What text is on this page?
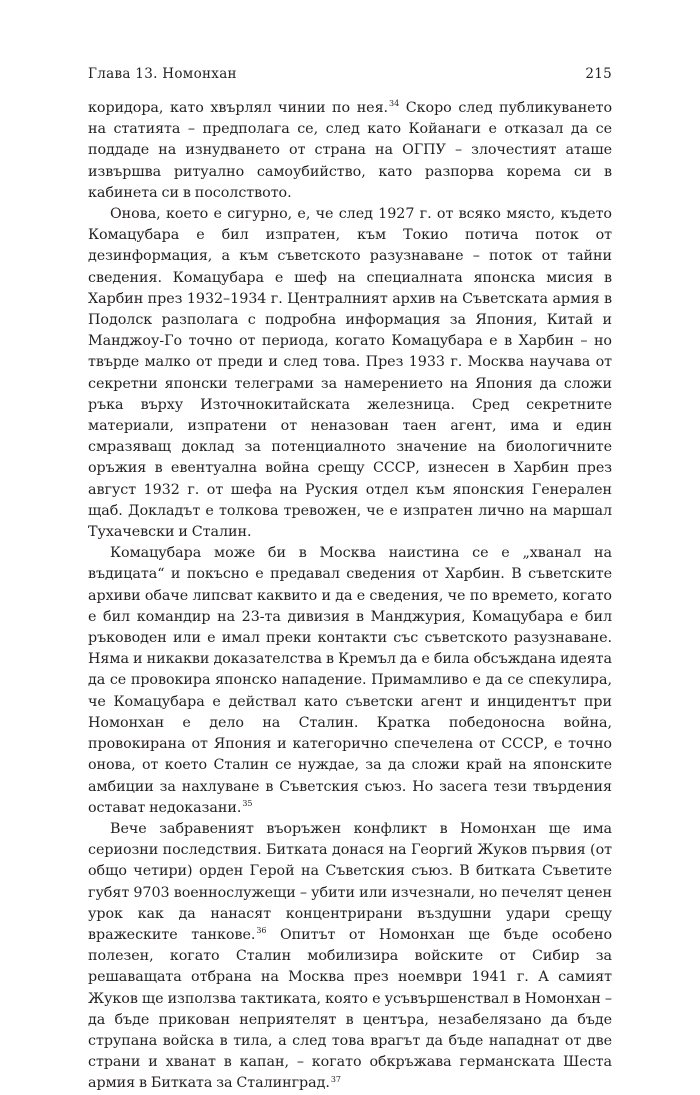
Глава 13. Номонхан	215

коридора, като хвърлял чинии по нея.$^{34}$ Скоро след публикуването на статията – предполага се, след като Койанаги е отказал да се поддаде на изнудването от страна на ОГПУ – злочестият аташе извършва ритуално самоубийство, като разпорва корема си в кабинета си в посолството.

Онова, което е сигурно, е, че след 1927 г. от всяко място, където Комацубара е бил изпратен, към Токио потича поток от дезинформация, а към съветското разузнаване – поток от тайни сведения. Комацубара е шеф на специалната японска мисия в Харбин през 1932–1934 г. Централният архив на Съветската армия в Подолск разполага с подробна информация за Япония, Китай и Манджоу-Го точно от периода, когато Комацубара е в Харбин – но твърде малко от преди и след това. През 1933 г. Москва научава от секретни японски телеграми за намерението на Япония да сложи ръка върху Източнокитайската железница. Сред секретните материали, изпратени от неназован таен агент, има и един смразяващ доклад за потенциалното значение на биологичните оръжия в евентуална война срещу СССР, изнесен в Харбин през август 1932 г. от шефа на Руския отдел към японския Генерален щаб. Докладът е толкова тревожен, че е изпратен лично на маршал Тухачевски и Сталин.

Комацубара може би в Москва наистина се е „хванал на въдицата“ и покъсно е предавал сведения от Харбин. В съветските архиви обаче липсват каквито и да е сведения, че по времето, когато е бил командир на 23-та дивизия в Манджурия, Комацубара е бил ръководен или е имал преки контакти със съветското разузнаване. Няма и никакви доказателства в Кремъл да е била обсъждана идеята да се провокира японско нападение. Примамливо е да се спекулира, че Комацубара е действал като съветски агент и инцидентът при Номонхан е дело на Сталин. Кратка победоносна война, провокирана от Япония и категорично спечелена от СССР, е точно онова, от което Сталин се нуждае, за да сложи край на японските амбиции за нахлуване в Съветския съюз. Но засега тези твърдения остават недоказани.$^{35}$

Вече забравеният въоръжен конфликт в Номонхан ще има сериозни последствия. Битката донася на Георгий Жуков първия (от общо четири) орден Герой на Съветския съюз. В битката Съветите губят 9703 военнослужещи – убити или изчезнали, но печелят ценен урок как да нанасят концентрирани въздушни удари срещу вражеските танкове.$^{36}$ Опитът от Номонхан ще бъде особено полезен, когато Сталин мобилизира войските от Сибир за решаващата отбрана на Москва през ноември 1941 г. А самият Жуков ще използва тактиката, която е усъвършенствал в Номонхан – да бъде прикован неприятелят в центъра, незабелязано да бъде струпана войска в тила, а след това врагът да бъде нападнат от две страни и хванат в капан, – когато обкръжава германската Шеста армия в Битката за Сталинград.$^{37}$
